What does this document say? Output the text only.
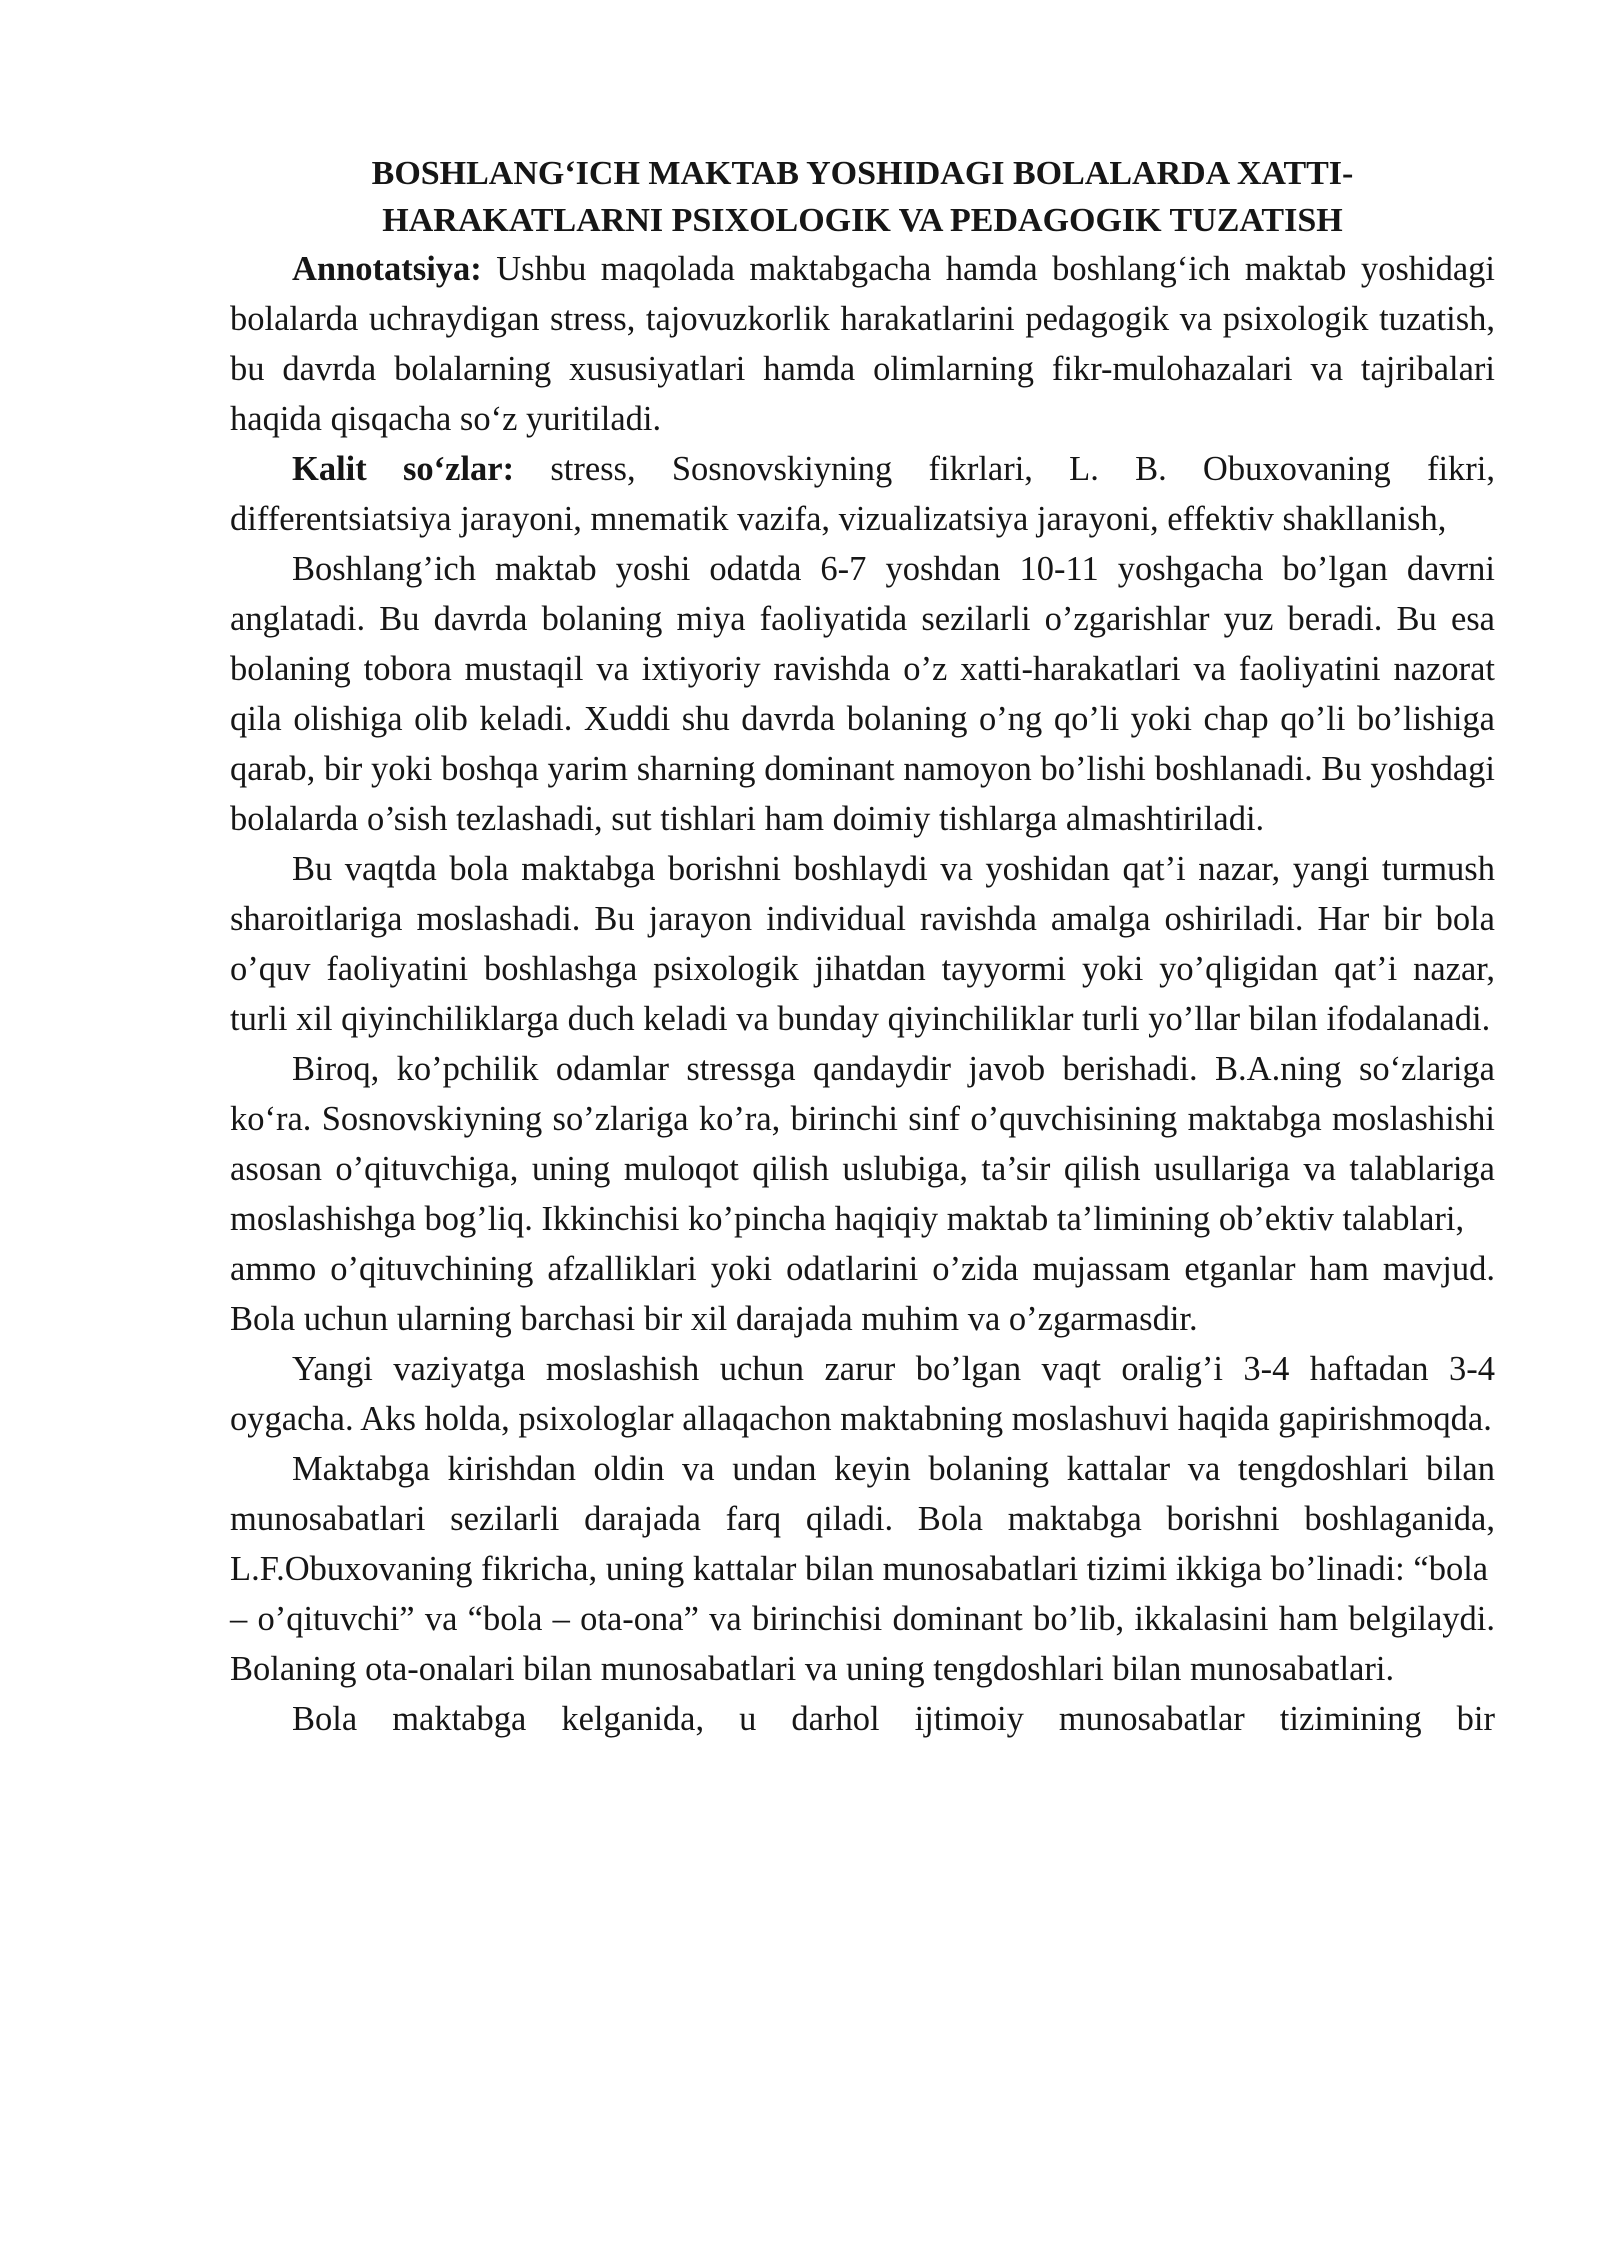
BOSHLANG‘ICH MAKTAB YOSHIDAGI BOLALARDA XATTI-
HARAKATLARNI PSIXOLOGIK VA PEDAGOGIK TUZATISH

Annotatsiya: Ushbu maqolada maktabgacha hamda boshlang‘ich maktab yoshidagi bolalarda uchraydigan stress, tajovuzkorlik harakatlarini pedagogik va psixologik tuzatish, bu davrda bolalarning xususiyatlari hamda olimlarning fikr-mulohazalari va tajribalari haqida qisqacha so‘z yuritiladi.

Kalit so‘zlar: stress, Sosnovskiyning fikrlari, L. B. Obuxovaning fikri, differentsiatsiya jarayoni, mnematik vazifa, vizualizatsiya jarayoni, effektiv shakllanish,

Boshlang’ich maktab yoshi odatda 6-7 yoshdan 10-11 yoshgacha bo’lgan davrni anglatadi. Bu davrda bolaning miya faoliyatida sezilarli o’zgarishlar yuz beradi. Bu esa bolaning tobora mustaqil va ixtiyoriy ravishda o’z xatti-harakatlari va faoliyatini nazorat qila olishiga olib keladi. Xuddi shu davrda bolaning o’ng qo’li yoki chap qo’li bo’lishiga qarab, bir yoki boshqa yarim sharning dominant namoyon bo’lishi boshlanadi. Bu yoshdagi bolalarda o’sish tezlashadi, sut tishlari ham doimiy tishlarga almashtiriladi.

Bu vaqtda bola maktabga borishni boshlaydi va yoshidan qat’i nazar, yangi turmush sharoitlariga moslashadi. Bu jarayon individual ravishda amalga oshiriladi. Har bir bola o’quv faoliyatini boshlashga psixologik jihatdan tayyormi yoki yo’qligidan qat’i nazar, turli xil qiyinchiliklarga duch keladi va bunday qiyinchiliklar turli yo’llar bilan ifodalanadi.

Biroq, ko’pchilik odamlar stressga qandaydir javob berishadi. B.A.ning so‘zlariga ko‘ra. Sosnovskiyning so’zlariga ko’ra, birinchi sinf o’quvchisining maktabga moslashishi asosan o’qituvchiga, uning muloqot qilish uslubiga, ta’sir qilish usullariga va talablariga moslashishga bog’liq. Ikkinchisi ko’pincha haqiqiy maktab ta’limining ob’ektiv talablari,

ammo o’qituvchining afzalliklari yoki odatlarini o’zida mujassam etganlar ham mavjud. Bola uchun ularning barchasi bir xil darajada muhim va o’zgarmasdir.

Yangi vaziyatga moslashish uchun zarur bo’lgan vaqt oralig’i 3-4 haftadan 3-4 oygacha. Aks holda, psixologlar allaqachon maktabning moslashuvi haqida gapirishmoqda.

Maktabga kirishdan oldin va undan keyin bolaning kattalar va tengdoshlari bilan munosabatlari sezilarli darajada farq qiladi. Bola maktabga borishni boshlaganida, L.F.Obuxovaning fikricha, uning kattalar bilan munosabatlari tizimi ikkiga bo’linadi: “bola

– o’qituvchi” va “bola – ota-ona” va birinchisi dominant bo’lib, ikkalasini ham belgilaydi. Bolaning ota-onalari bilan munosabatlari va uning tengdoshlari bilan munosabatlari.

Bola maktabga kelganida, u darhol ijtimoiy munosabatlar tizimining bir
